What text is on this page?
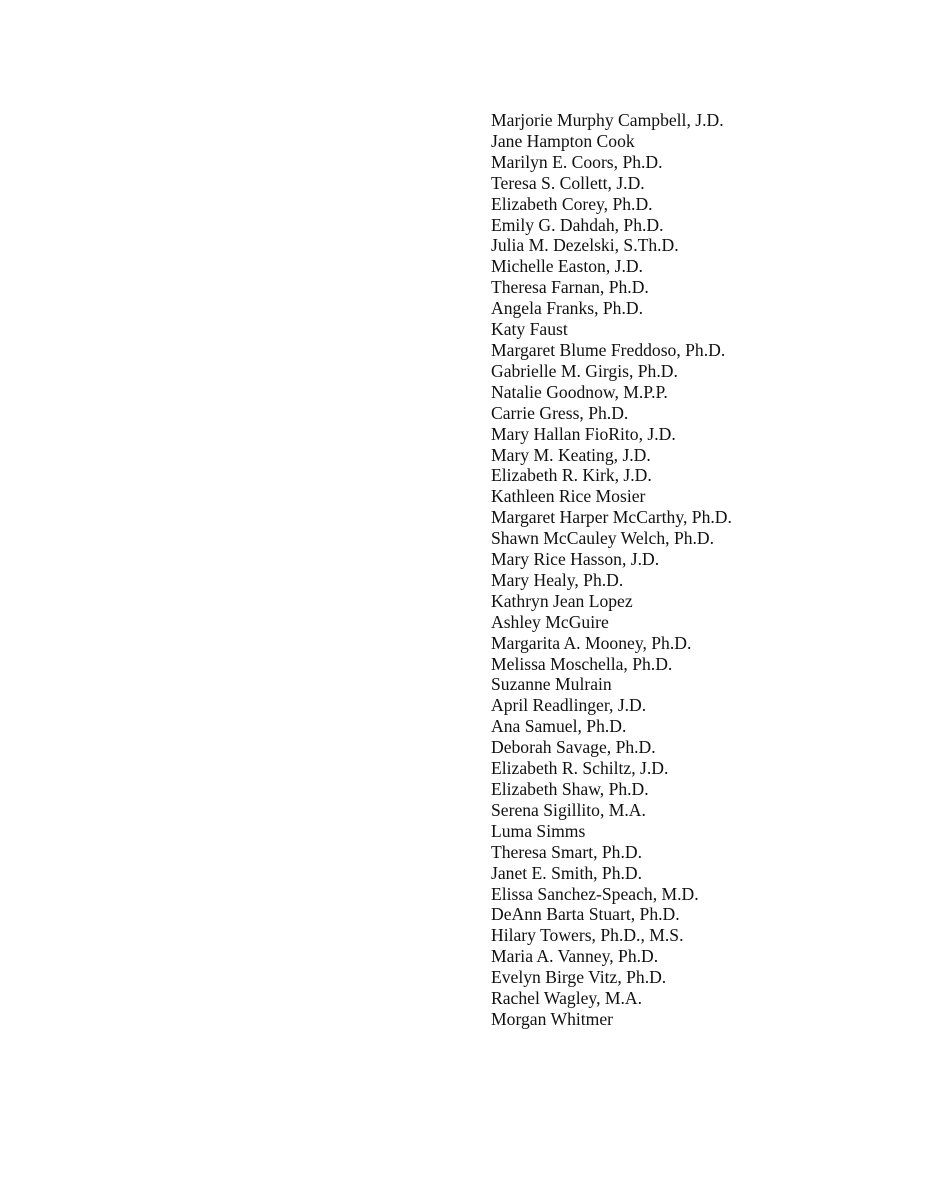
Marjorie Murphy Campbell, J.D.
Jane Hampton Cook
Marilyn E. Coors, Ph.D.
Teresa S. Collett, J.D.
Elizabeth Corey, Ph.D.
Emily G. Dahdah, Ph.D.
Julia M. Dezelski, S.Th.D.
Michelle Easton, J.D.
Theresa Farnan, Ph.D.
Angela Franks, Ph.D.
Katy Faust
Margaret Blume Freddoso, Ph.D.
Gabrielle M. Girgis, Ph.D.
Natalie Goodnow, M.P.P.
Carrie Gress, Ph.D.
Mary Hallan FioRito, J.D.
Mary M. Keating, J.D.
Elizabeth R. Kirk, J.D.
Kathleen Rice Mosier
Margaret Harper McCarthy, Ph.D.
Shawn McCauley Welch, Ph.D.
Mary Rice Hasson, J.D.
Mary Healy, Ph.D.
Kathryn Jean Lopez
Ashley McGuire
Margarita A. Mooney, Ph.D.
Melissa Moschella, Ph.D.
Suzanne Mulrain
April Readlinger, J.D.
Ana Samuel, Ph.D.
Deborah Savage, Ph.D.
Elizabeth R. Schiltz, J.D.
Elizabeth Shaw, Ph.D.
Serena Sigillito, M.A.
Luma Simms
Theresa Smart, Ph.D.
Janet E. Smith, Ph.D.
Elissa Sanchez-Speach, M.D.
DeAnn Barta Stuart, Ph.D.
Hilary Towers, Ph.D., M.S.
Maria A. Vanney, Ph.D.
Evelyn Birge Vitz, Ph.D.
Rachel Wagley, M.A.
Morgan Whitmer
